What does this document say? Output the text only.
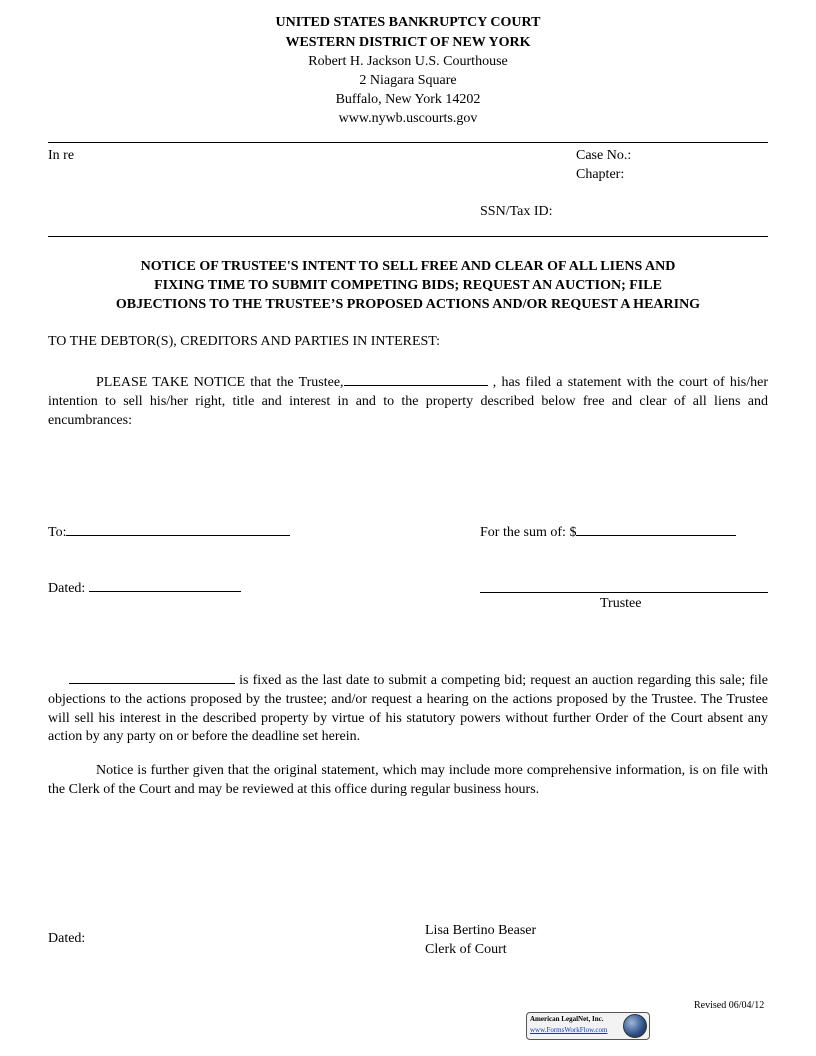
UNITED STATES BANKRUPTCY COURT
WESTERN DISTRICT OF NEW YORK
Robert H. Jackson U.S. Courthouse
2 Niagara Square
Buffalo, New York 14202
www.nywb.uscourts.gov
In re	Case No.:
Chapter:
SSN/Tax ID:
NOTICE OF TRUSTEE'S INTENT TO SELL FREE AND CLEAR OF ALL LIENS AND
FIXING TIME TO SUBMIT COMPETING BIDS; REQUEST AN AUCTION; FILE
OBJECTIONS TO THE TRUSTEE’S PROPOSED ACTIONS AND/OR REQUEST A HEARING
TO THE DEBTOR(S), CREDITORS AND PARTIES IN INTEREST:
PLEASE TAKE NOTICE that the Trustee,	, has filed a statement with the court of his/her intention to sell his/her right, title and interest in and to the property described below free and clear of all liens and encumbrances:
To:	For the sum of: $
Dated:
Trustee
is fixed as the last date to submit a competing bid; request an auction regarding this sale; file objections to the actions proposed by the trustee; and/or request a hearing on the actions proposed by the Trustee. The Trustee will sell his interest in the described property by virtue of his statutory powers without further Order of the Court absent any action by any party on or before the deadline set herein.
Notice is further given that the original statement, which may include more comprehensive information, is on file with the Clerk of the Court and may be reviewed at this office during regular business hours.
Dated:
Lisa Bertino Beaser
Clerk of Court
Revised 06/04/12
American LegalNet, Inc.
www.FormsWorkFlow.com
